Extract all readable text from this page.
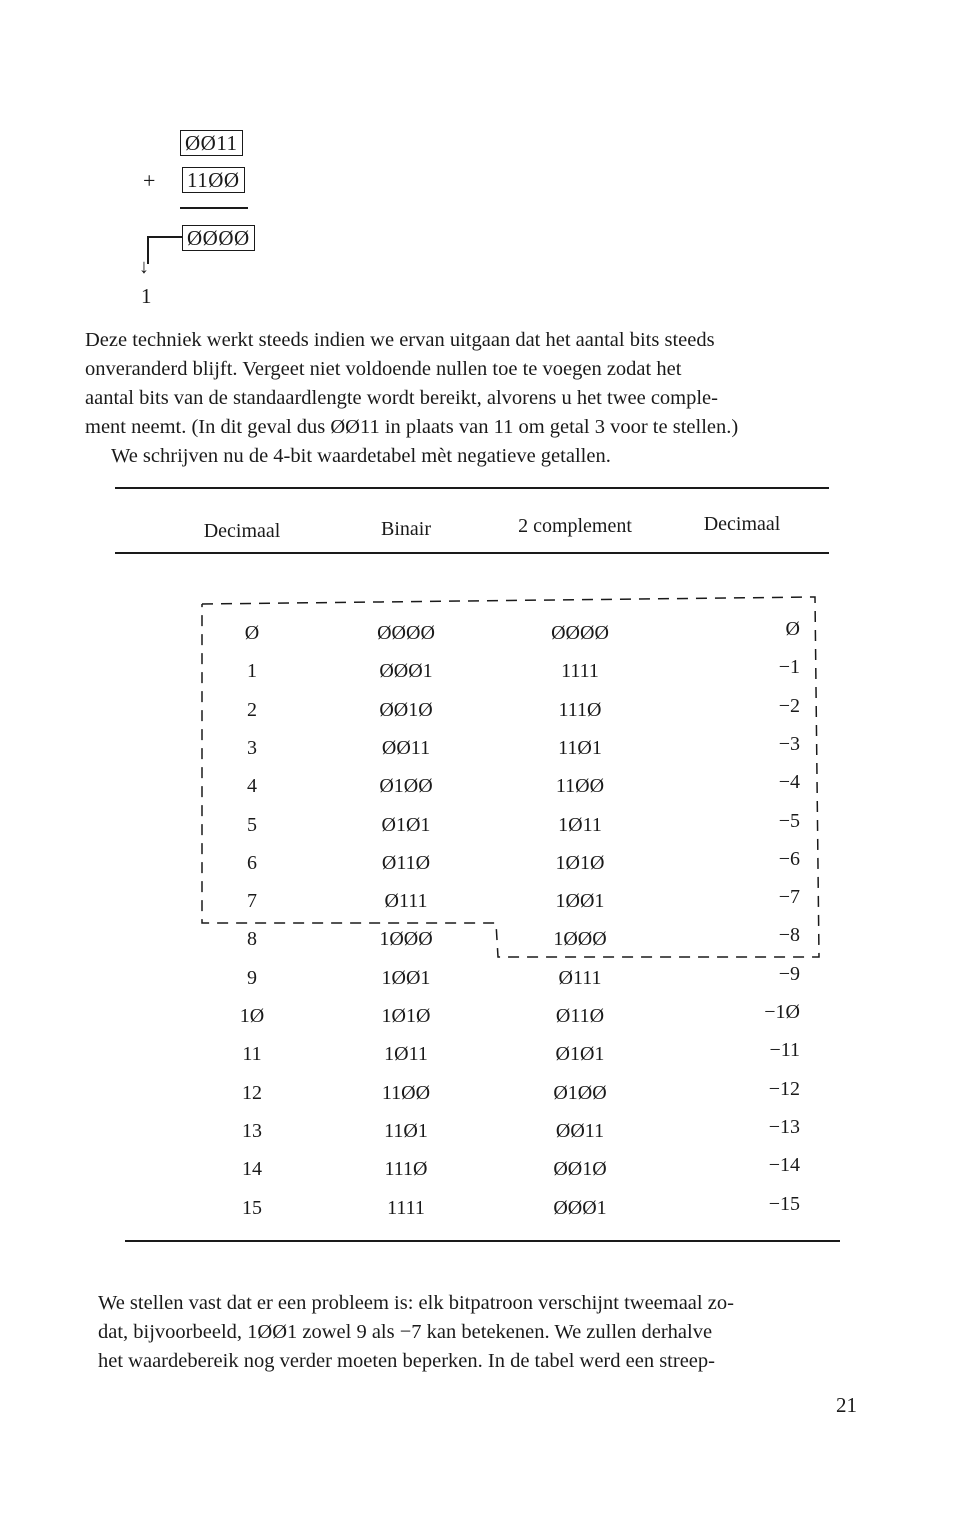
ØØ11
+ 11ØØ
ØØØØ
↓
1
Deze techniek werkt steeds indien we ervan uitgaan dat het aantal bits steeds
onveranderd blijft. Vergeet niet voldoende nullen toe te voegen zodat het
aantal bits van de standaardlengte wordt bereikt, alvorens u het twee comple-
ment neemt. (In dit geval dus ØØ11 in plaats van 11 om getal 3 voor te stellen.)
We schrijven nu de 4-bit waardetabel mèt negatieve getallen.
Decimaal	Binair	2 complement	Decimaal
Ø	ØØØØ	ØØØØ	Ø
1	ØØØ1	1111	−1
2	ØØ1Ø	111Ø	−2
3	ØØ11	11Ø1	−3
4	Ø1ØØ	11ØØ	−4
5	Ø1Ø1	1Ø11	−5
6	Ø11Ø	1Ø1Ø	−6
7	Ø111	1ØØ1	−7
8	1ØØØ	1ØØØ	−8
9	1ØØ1	Ø111	−9
1Ø	1Ø1Ø	Ø11Ø	−1Ø
11	1Ø11	Ø1Ø1	−11
12	11ØØ	Ø1ØØ	−12
13	11Ø1	ØØ11	−13
14	111Ø	ØØ1Ø	−14
15	1111	ØØØ1	−15
We stellen vast dat er een probleem is: elk bitpatroon verschijnt tweemaal zo-
dat, bijvoorbeeld, 1ØØ1 zowel 9 als −7 kan betekenen. We zullen derhalve
het waardebereik nog verder moeten beperken. In de tabel werd een streep-
21
